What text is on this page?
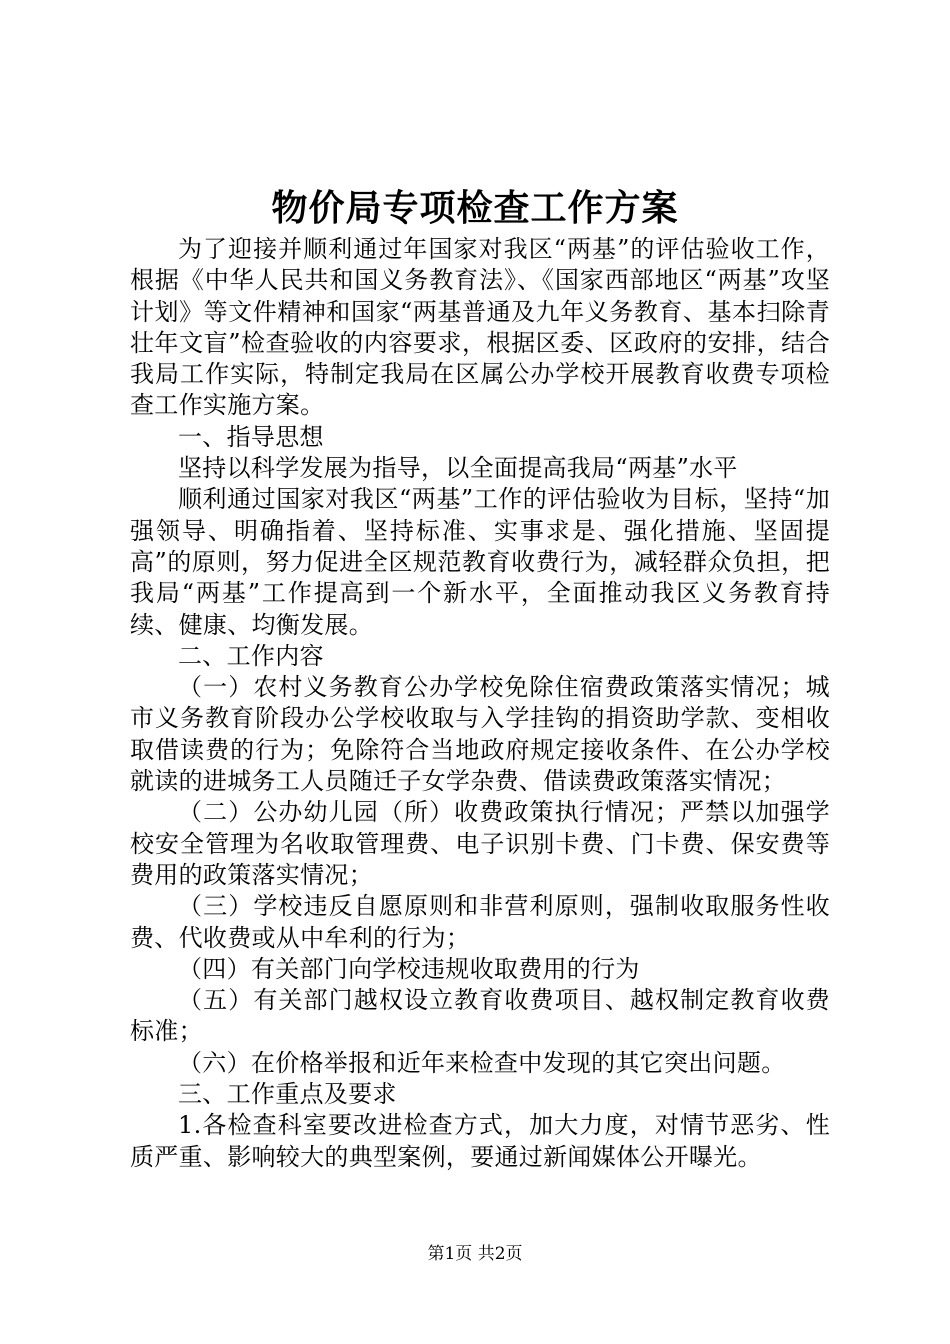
物价局专项检查工作方案

为了迎接并顺利通过年国家对我区“两基”的评估验收工作，根据《中华人民共和国义务教育法》、《国家西部地区“两基”攻坚计划》等文件精神和国家“两基普通及九年义务教育、基本扫除青壮年文盲”检查验收的内容要求，根据区委、区政府的安排，结合我局工作实际，特制定我局在区属公办学校开展教育收费专项检查工作实施方案。

一、指导思想

坚持以科学发展为指导，以全面提高我局“两基”水平

顺利通过国家对我区“两基”工作的评估验收为目标，坚持“加强领导、明确指着、坚持标准、实事求是、强化措施、坚固提高”的原则，努力促进全区规范教育收费行为，减轻群众负担，把我局“两基”工作提高到一个新水平，全面推动我区义务教育持续、健康、均衡发展。

二、工作内容

（一）农村义务教育公办学校免除住宿费政策落实情况；城市义务教育阶段办公学校收取与入学挂钩的捐资助学款、变相收取借读费的行为；免除符合当地政府规定接收条件、在公办学校就读的进城务工人员随迁子女学杂费、借读费政策落实情况；

（二）公办幼儿园（所）收费政策执行情况；严禁以加强学校安全管理为名收取管理费、电子识别卡费、门卡费、保安费等费用的政策落实情况；

（三）学校违反自愿原则和非营利原则，强制收取服务性收费、代收费或从中牟利的行为；

（四）有关部门向学校违规收取费用的行为

（五）有关部门越权设立教育收费项目、越权制定教育收费标准；

（六）在价格举报和近年来检查中发现的其它突出问题。

三、工作重点及要求

1.各检查科室要改进检查方式，加大力度，对情节恶劣、性质严重、影响较大的典型案例，要通过新闻媒体公开曝光。

第1页 共2页
